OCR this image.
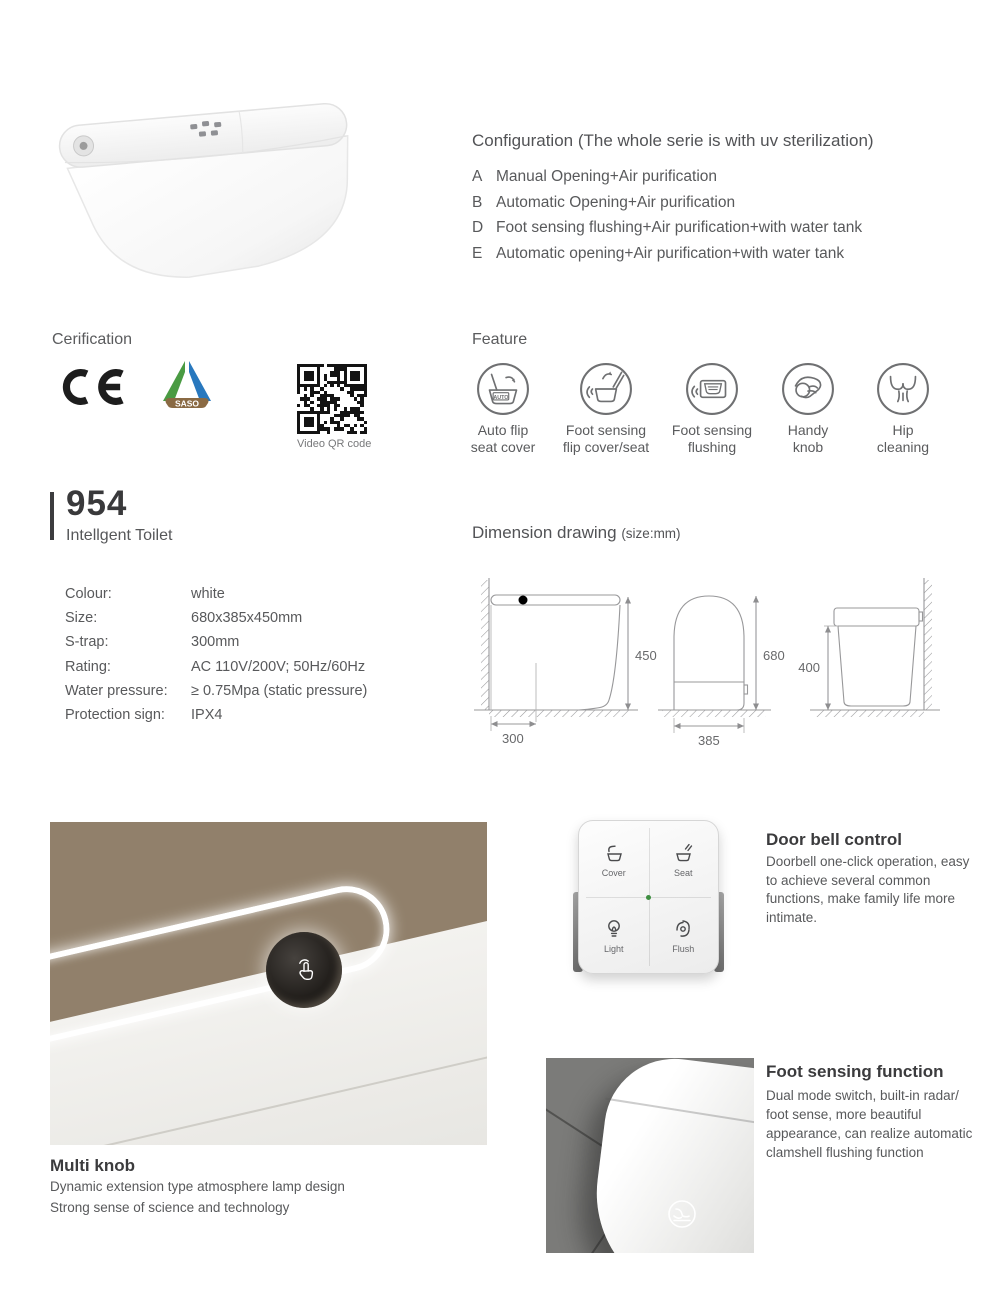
Configuration (The whole serie is with uv sterilization)
A Manual Opening+Air purification
B Automatic Opening+Air purification
D Foot sensing flushing+Air purification+with water tank
E Automatic opening+Air purification+with water tank
Cerification
SASO
Video QR code
Feature
AUTO
Auto flip
seat cover
Foot sensing
flip cover/seat
Foot sensing
flushing
Handy
knob
Hip
cleaning
954
Intellgent Toilet
Colour:	white
Size:	680x385x450mm
S-trap:	300mm
Rating:	AC 110V/200V; 50Hz/60Hz
Water pressure:	≥ 0.75Mpa (static pressure)
Protection sign:	IPX4
Dimension drawing (size:mm)
450
300
680
385
400
Multi knob
Dynamic extension type atmosphere lamp design
Strong sense of science and technology
Cover	Seat
Light	Flush
Door bell control
Doorbell one-click operation, easy to achieve several common functions, make family life more intimate.
Foot sensing function
Dual mode switch, built-in radar/ foot sense, more beautiful appearance, can realize automatic clamshell flushing function
